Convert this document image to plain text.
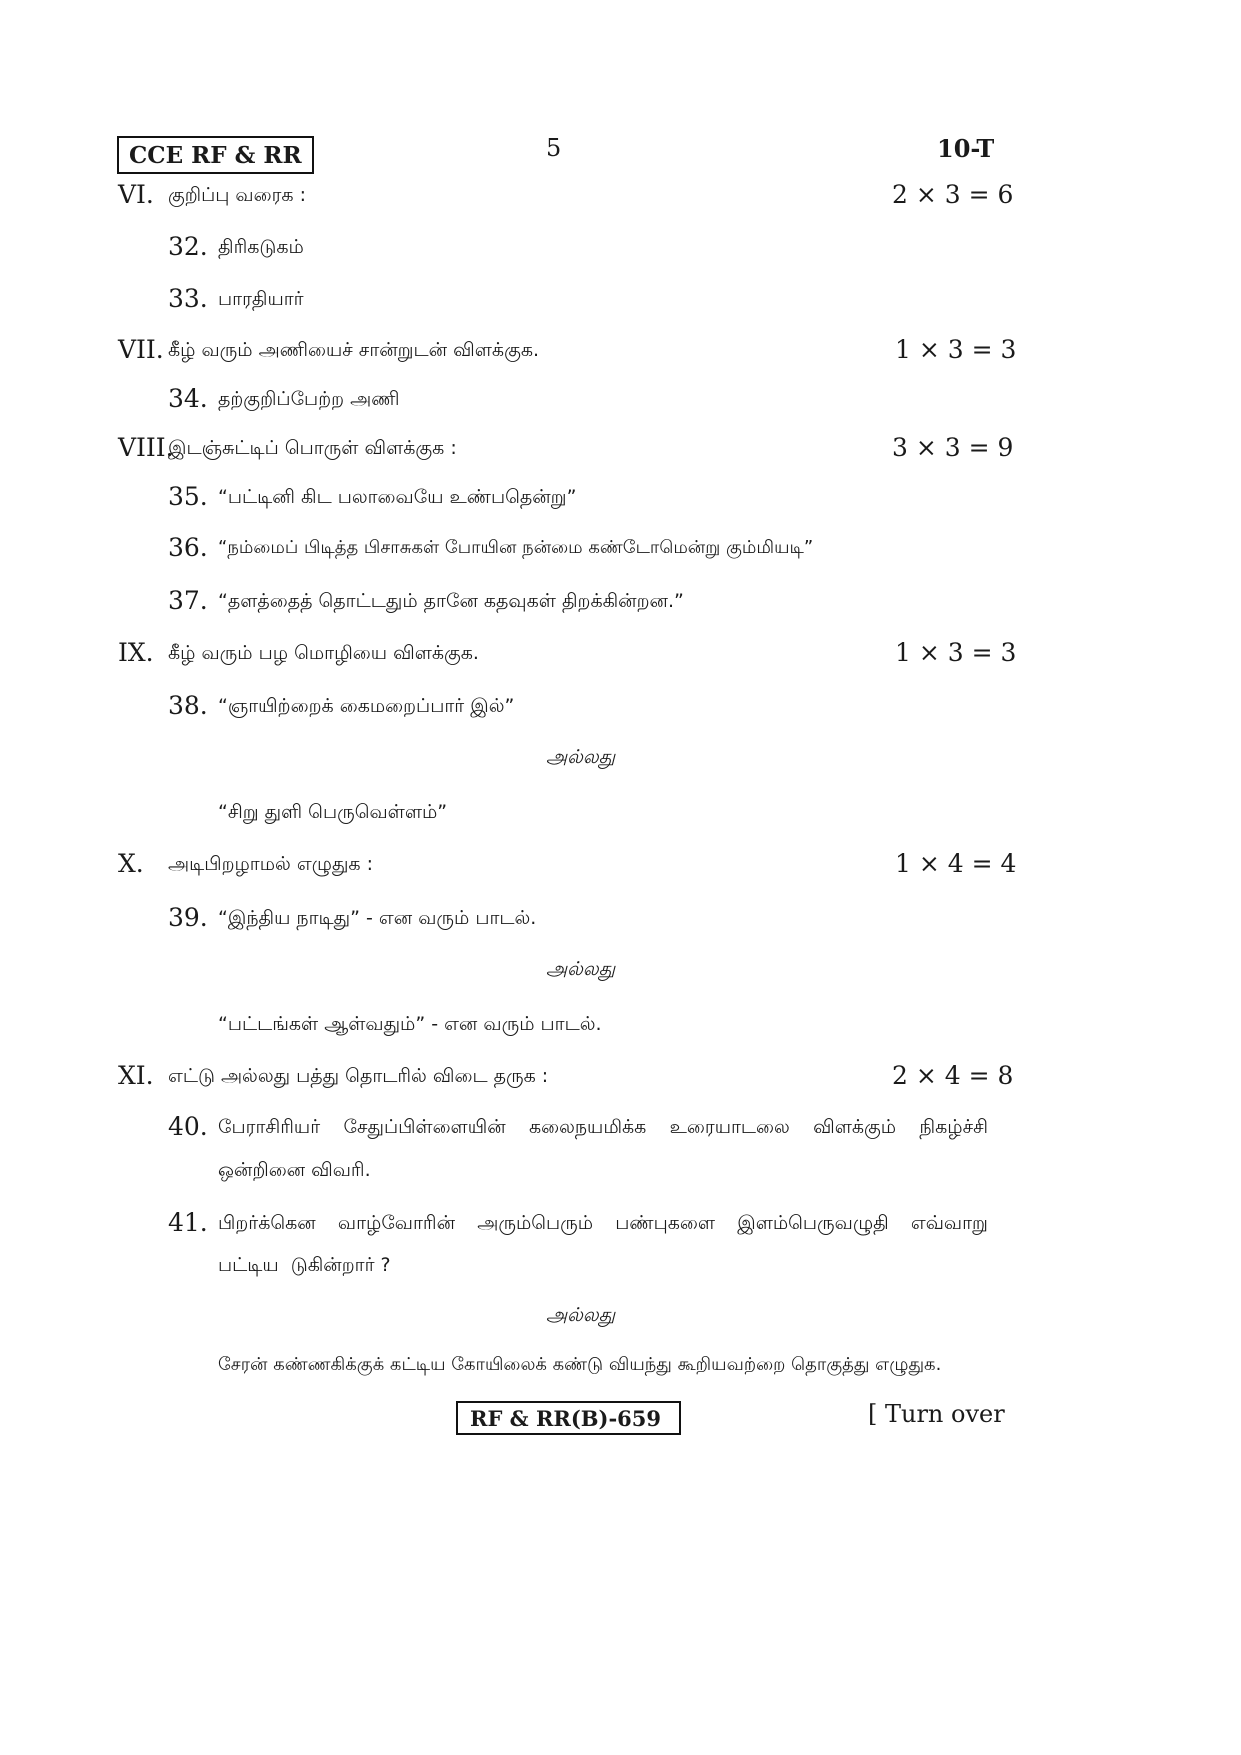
CCE RF & RR	5	10-T
VI. குறிப்பு வரைக :	2 × 3 = 6
32. திரிகடுகம்
33. பாரதியார்
VII. கீழ் வரும் அணியைச் சான்றுடன் விளக்குக.	1 × 3 = 3
34. தற்குறிப்பேற்ற அணி
VIII.
இடஞ்சுட்டிப் பொருள் விளக்குக :	3 × 3 = 9
35. “பட்டினி கிட பலாவையே உண்பதென்று”
36. “நம்மைப் பிடித்த பிசாசுகள் போயின நன்மை கண்டோமென்று கும்மியடி”
37. “தளத்தைத் தொட்டதும் தானே கதவுகள் திறக்கின்றன.”
IX. கீழ் வரும் பழ மொழியை விளக்குக.	1 × 3 = 3
38. “ஞாயிற்றைக் கைமறைப்பார் இல்”
அல்லது
“சிறு துளி பெருவெள்ளம்”
X. அடிபிறழாமல் எழுதுக :	1 × 4 = 4
39. “இந்திய நாடிது” - என வரும் பாடல்.
அல்லது
“பட்டங்கள் ஆள்வதும்” - என வரும் பாடல்.
XI. எட்டு அல்லது பத்து தொடரில் விடை தருக :	2 × 4 = 8
40. பேராசிரியர் சேதுப்பிள்ளையின் கலைநயமிக்க உரையாடலை விளக்கும் நிகழ்ச்சி
ஒன்றினை விவரி.
41. பிறர்க்கென வாழ்வோரின் அரும்பெரும் பண்புகளை இளம்பெருவழுதி எவ்வாறு
பட்டிய  டுகின்றார் ?
அல்லது
சேரன் கண்ணகிக்குக் கட்டிய கோயிலைக் கண்டு வியந்து கூறியவற்றை தொகுத்து எழுதுக.
RF & RR(B)-659	[ Turn over
